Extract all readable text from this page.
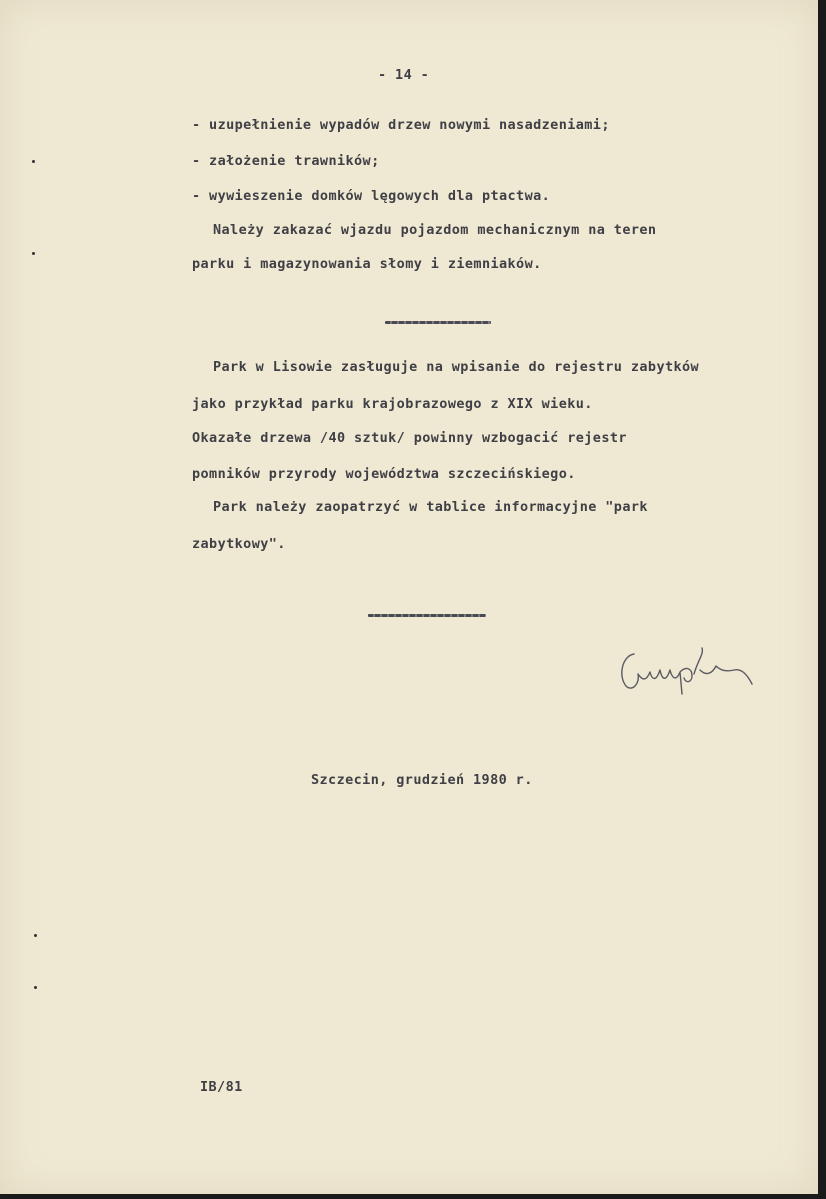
- 14 -
- uzupełnienie wypadów drzew nowymi nasadzeniami;
- założenie trawników;
- wywieszenie domków lęgowych dla ptactwa.
Należy zakazać wjazdu pojazdom mechanicznym na teren
parku i magazynowania słomy i ziemniaków.
Park w Lisowie zasługuje na wpisanie do rejestru zabytków
jako przykład parku krajobrazowego z XIX wieku.
Okazałe drzewa /40 sztuk/ powinny wzbogacić rejestr
pomników przyrody województwa szczecińskiego.
Park należy zaopatrzyć w tablice informacyjne "park
zabytkowy".
Szczecin, grudzień 1980 r.
IB/81
